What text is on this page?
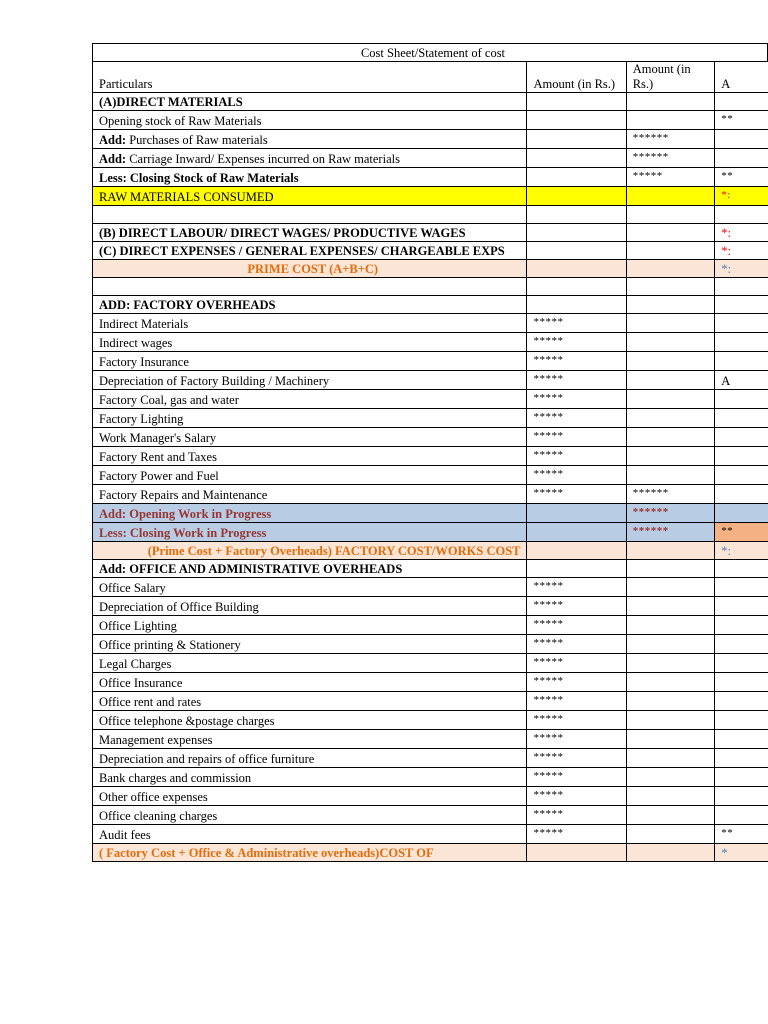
Cost Sheet/Statement of cost			
Particulars	Amount (in Rs.)	Amount (in Rs.)	A
(A)DIRECT MATERIALS			
Opening stock of Raw Materials			**
Add: Purchases of Raw materials		******	
Add: Carriage Inward/ Expenses incurred on Raw materials		******	
Less: Closing Stock of Raw Materials		*****	**
RAW MATERIALS CONSUMED			*:

(B) DIRECT LABOUR/ DIRECT WAGES/ PRODUCTIVE WAGES			*:
(C) DIRECT EXPENSES / GENERAL EXPENSES/ CHARGEABLE EXPS			*:
PRIME COST (A+B+C)			*:

ADD: FACTORY OVERHEADS			
Indirect Materials	*****		
Indirect wages	*****		
Factory Insurance	*****		
Depreciation of Factory Building / Machinery	*****		A
Factory Coal, gas and water	*****		
Factory Lighting	*****		
Work Manager's Salary	*****		
Factory Rent and Taxes	*****		
Factory Power and Fuel	*****		
Factory Repairs and Maintenance	*****	******	
Add: Opening Work in Progress		******	
Less: Closing Work in Progress		******	**
(Prime Cost + Factory Overheads) FACTORY COST/WORKS COST			*:
Add: OFFICE AND ADMINISTRATIVE OVERHEADS			
Office Salary	*****		
Depreciation of Office Building	*****		
Office Lighting	*****		
Office printing & Stationery	*****		
Legal Charges	*****		
Office Insurance	*****		
Office rent and rates	*****		
Office telephone &postage charges	*****		
Management expenses	*****		
Depreciation and repairs of office furniture	*****		
Bank charges and commission	*****		
Other office expenses	*****		
Office cleaning charges	*****		
Audit fees	*****		**
( Factory Cost + Office & Administrative overheads)COST OF			*
